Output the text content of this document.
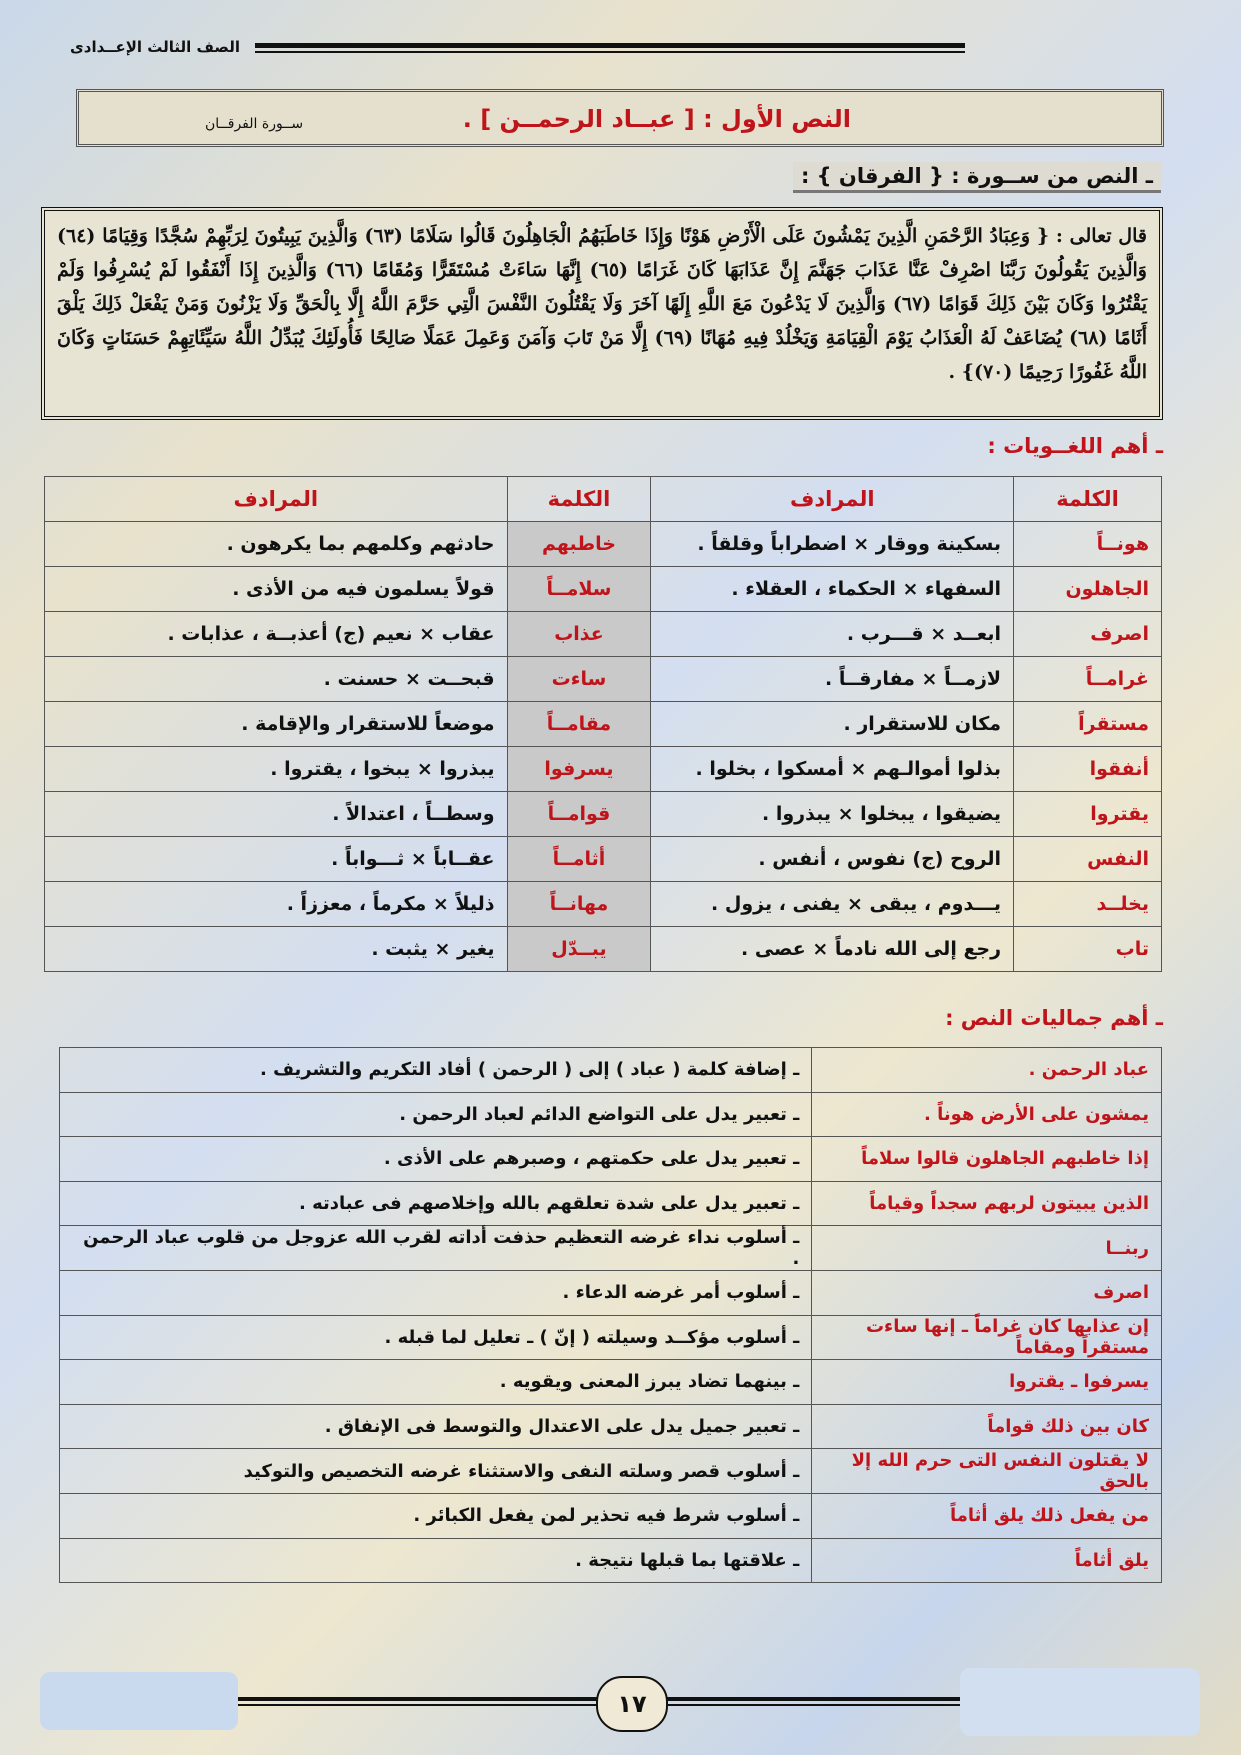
الصف الثالث الإعــدادى
النص الأول : [ عبــاد الرحمــن ] .
ســورة الفرقــان
ـ النص من ســورة : { الفرقان } :
قال تعالى : { وَعِبَادُ الرَّحْمَنِ الَّذِينَ يَمْشُونَ عَلَى الْأَرْضِ هَوْنًا وَإِذَا خَاطَبَهُمُ الْجَاهِلُونَ قَالُوا سَلَامًا (٦٣) وَالَّذِينَ يَبِيتُونَ لِرَبِّهِمْ سُجَّدًا وَقِيَامًا (٦٤) وَالَّذِينَ يَقُولُونَ رَبَّنَا اصْرِفْ عَنَّا عَذَابَ جَهَنَّمَ إِنَّ عَذَابَهَا كَانَ غَرَامًا (٦٥) إِنَّهَا سَاءَتْ مُسْتَقَرًّا وَمُقَامًا (٦٦) وَالَّذِينَ إِذَا أَنْفَقُوا لَمْ يُسْرِفُوا وَلَمْ يَقْتُرُوا وَكَانَ بَيْنَ ذَلِكَ قَوَامًا (٦٧) وَالَّذِينَ لَا يَدْعُونَ مَعَ اللَّهِ إِلَهًا آخَرَ وَلَا يَقْتُلُونَ النَّفْسَ الَّتِي حَرَّمَ اللَّهُ إِلَّا بِالْحَقِّ وَلَا يَزْنُونَ وَمَنْ يَفْعَلْ ذَلِكَ يَلْقَ أَثَامًا (٦٨) يُضَاعَفْ لَهُ الْعَذَابُ يَوْمَ الْقِيَامَةِ وَيَخْلُدْ فِيهِ مُهَانًا (٦٩) إِلَّا مَنْ تَابَ وَآمَنَ وَعَمِلَ عَمَلًا صَالِحًا فَأُولَئِكَ يُبَدِّلُ اللَّهُ سَيِّئَاتِهِمْ حَسَنَاتٍ وَكَانَ اللَّهُ غَفُورًا رَحِيمًا (٧٠)} .
ـ أهم اللغــويات :
الكلمة	المرادف	الكلمة	المرادف
هونــاً	بسكينة ووقار × اضطراباً وقلقاً .	خاطبهم	حادثهم وكلمهم بما يكرهون .
الجاهلون	السفهاء × الحكماء ، العقلاء .	سلامــاً	قولاً يسلمون فيه من الأذى .
اصرف	ابعــد × قـــرب .	عذاب	عقاب × نعيم (ج) أعذبــة ، عذابات .
غرامــاً	لازمــاً × مفارقــاً .	ساءت	قبحــت × حسنت .
مستقراً	مكان للاستقرار .	مقامــاً	موضعاً للاستقرار والإقامة .
أنفقوا	بذلوا أموالـهم × أمسكوا ، بخلوا .	يسرفوا	يبذروا × يبخوا ، يقتروا .
يقتروا	يضيقوا ، يبخلوا × يبذروا .	قوامــاً	وسطــاً ، اعتدالاً .
النفس	الروح (ج) نفوس ، أنفس .	أثامــاً	عقــاباً × ثـــواباً .
يخلــد	يـــدوم ، يبقى × يفنى ، يزول .	مهانــاً	ذليلاً × مكرماً ، معززاً .
تاب	رجع إلى الله نادماً × عصى .	يبــدّل	يغير × يثبت .
ـ أهم جماليات النص :
عباد الرحمن .	ـ إضافة كلمة ( عباد ) إلى ( الرحمن ) أفاد التكريم والتشريف .
يمشون على الأرض هوناً .	ـ تعبير يدل على التواضع الدائم لعباد الرحمن .
إذا خاطبهم الجاهلون قالوا سلاماً	ـ تعبير يدل على حكمتهم ، وصبرهم على الأذى .
الذين يبيتون لربهم سجداً وقياماً	ـ تعبير يدل على شدة تعلقهم بالله وإخلاصهم فى عبادته .
ربنــا	ـ أسلوب نداء غرضه التعظيم حذفت أداته لقرب الله عزوجل من قلوب عباد الرحمن .
اصرف	ـ أسلوب أمر غرضه الدعاء .
إن عذابها كان غراماً ـ إنها ساءت مستقراً ومقاماً	ـ أسلوب مؤكــد وسيلته ( إنّ ) ـ تعليل لما قبله .
يسرفوا ـ يقتروا	ـ بينهما تضاد يبرز المعنى ويقويه .
كان بين ذلك قواماً	ـ تعبير جميل يدل على الاعتدال والتوسط فى الإنفاق .
لا يقتلون النفس التى حرم الله إلا بالحق	ـ أسلوب قصر وسلته النفى والاستثناء غرضه التخصيص والتوكيد
من يفعل ذلك يلق أثاماً	ـ أسلوب شرط فيه تحذير لمن يفعل الكبائر .
يلق أثاماً	ـ علاقتها بما قبلها نتيجة .
١٧
